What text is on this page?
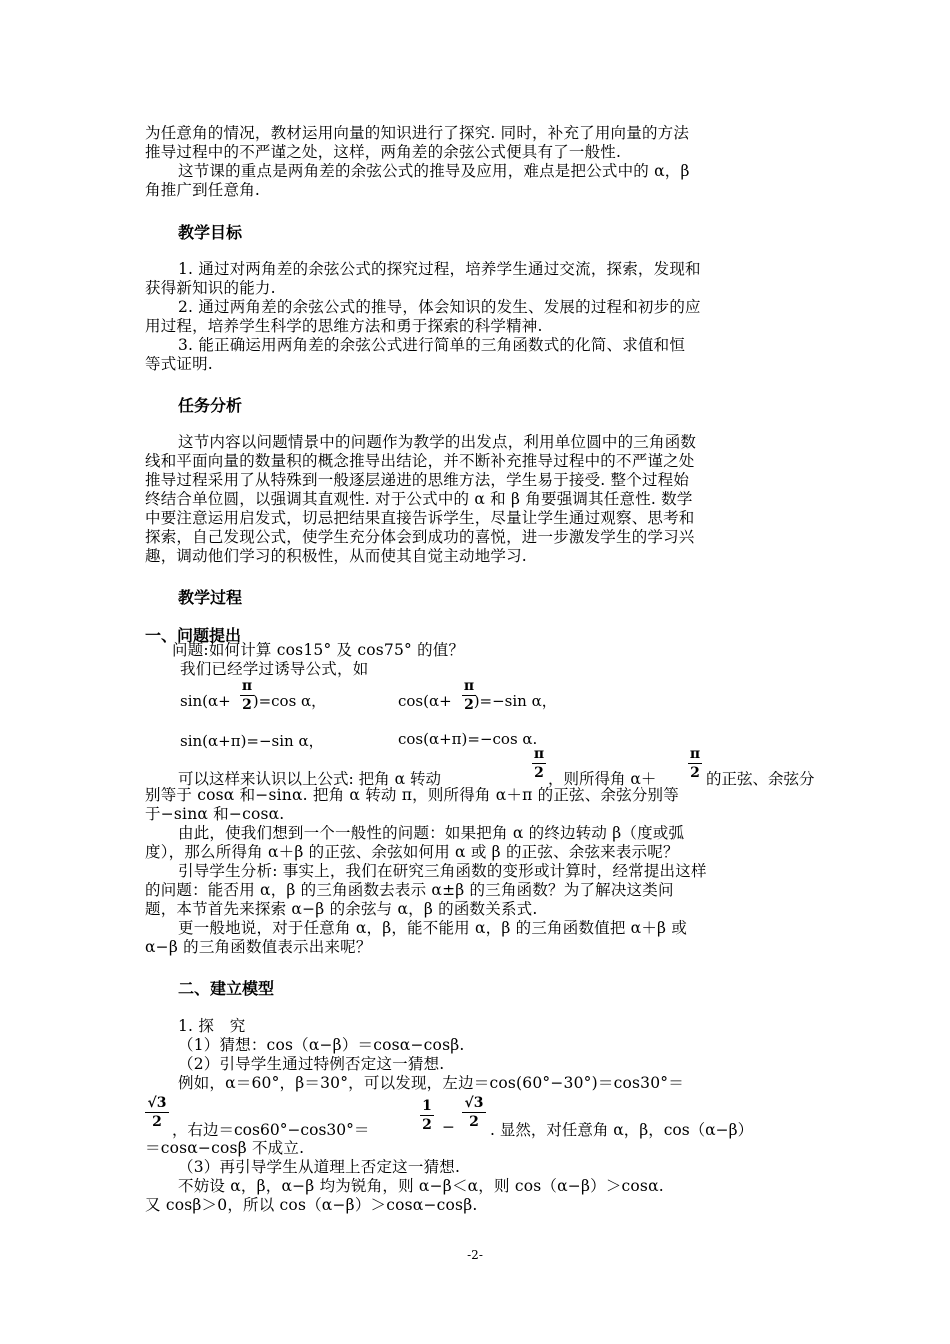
为任意角的情况，教材运用向量的知识进行了探究. 同时，补充了用向量的方法
推导过程中的不严谨之处，这样，两角差的余弦公式便具有了一般性.
这节课的重点是两角差的余弦公式的推导及应用，难点是把公式中的 α，β
角推广到任意角.
教学目标
1. 通过对两角差的余弦公式的探究过程，培养学生通过交流，探索，发现和
获得新知识的能力.
2. 通过两角差的余弦公式的推导，体会知识的发生、发展的过程和初步的应
用过程，培养学生科学的思维方法和勇于探索的科学精神.
3. 能正确运用两角差的余弦公式进行简单的三角函数式的化简、求值和恒
等式证明.
任务分析
这节内容以问题情景中的问题作为教学的出发点，利用单位圆中的三角函数
线和平面向量的数量积的概念推导出结论，并不断补充推导过程中的不严谨之处
推导过程采用了从特殊到一般逐层递进的思维方法，学生易于接受. 整个过程始
终结合单位圆，以强调其直观性. 对于公式中的 α 和 β 角要强调其任意性. 数学
中要注意运用启发式，切忌把结果直接告诉学生，尽量让学生通过观察、思考和
探索，自己发现公式，使学生充分体会到成功的喜悦，进一步激发学生的学习兴
趣，调动他们学习的积极性，从而使其自觉主动地学习.
教学过程
一、问题提出
问题:如何计算 cos15° 及 cos75° 的值？
我们已经学过诱导公式，如
sin(α+ )=cos α，
π
2	cos(α+ )=−sin α，
π
2
sin(α+π)=−sin α，	cos(α+π)=−cos α.
可以这样来认识以上公式: 把角 α 转动
π
2 ，则所得角 α＋
π
2 的正弦、余弦分
别等于 cosα 和−sinα. 把角 α 转动 π，则所得角 α＋π 的正弦、余弦分别等
于−sinα 和−cosα.
由此，使我们想到一个一般性的问题：如果把角 α 的终边转动 β（度或弧
度），那么所得角 α＋β 的正弦、余弦如何用 α 或 β 的正弦、余弦来表示呢？
引导学生分析: 事实上，我们在研究三角函数的变形或计算时，经常提出这样
的问题：能否用 α，β 的三角函数去表示 α±β 的三角函数？为了解决这类问
题，本节首先来探索 α−β 的余弦与 α，β 的函数关系式.
更一般地说，对于任意角 α，β，能不能用 α，β 的三角函数值把 α＋β 或
α−β 的三角函数值表示出来呢？
二、建立模型
1. 探　究
（1）猜想：cos（α−β）＝cosα−cosβ.
（2）引导学生通过特例否定这一猜想.
例如，α＝60°，β＝30°，可以发现，左边＝cos(60°−30°)＝cos30°＝
√3
2 ，右边＝cos60°−cos30°＝
1
2 −
√3
2 . 显然，对任意角 α，β，cos（α−β）
＝cosα−cosβ 不成立.
（3）再引导学生从道理上否定这一猜想.
不妨设 α，β，α−β 均为锐角，则 α−β＜α，则 cos（α−β）＞cosα.
又 cosβ＞0，所以 cos（α−β）＞cosα−cosβ.
-2-
